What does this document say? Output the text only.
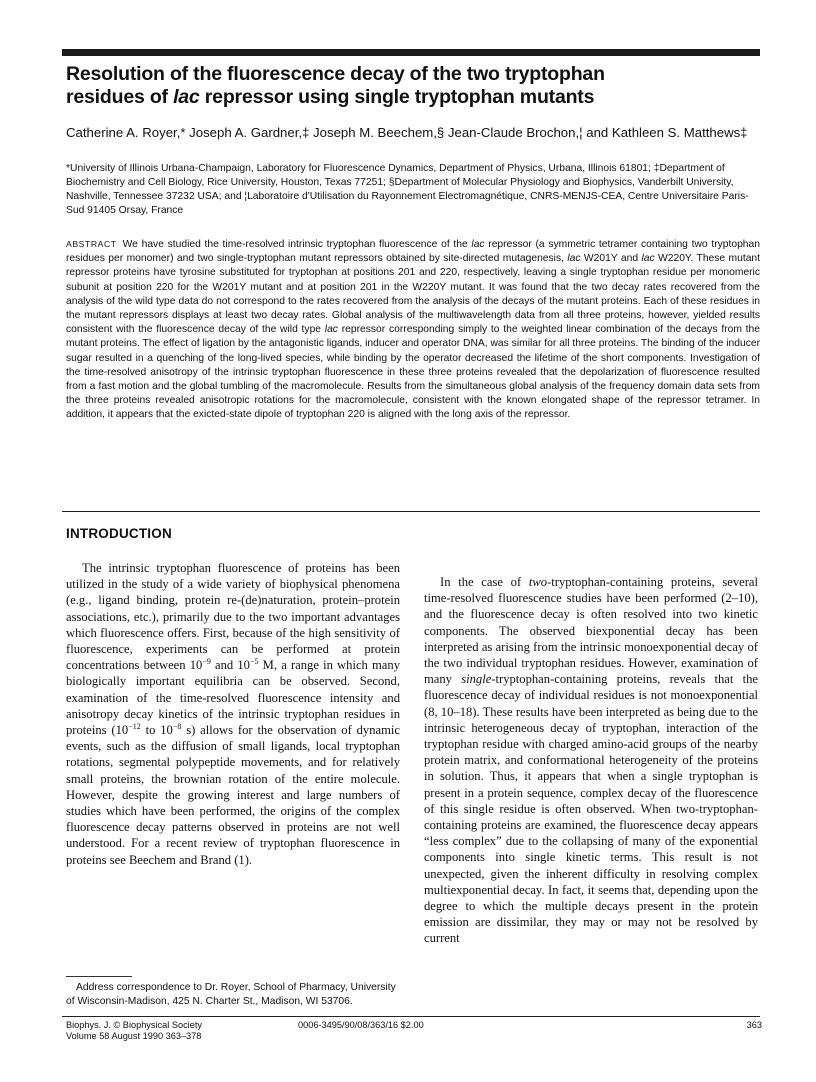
Resolution of the fluorescence decay of the two tryptophan
residues of lac repressor using single tryptophan mutants
Catherine A. Royer,* Joseph A. Gardner,‡ Joseph M. Beechem,§ Jean-Claude Brochon,¦ and Kathleen S. Matthews‡
*University of Illinois Urbana-Champaign, Laboratory for Fluorescence Dynamics, Department of Physics, Urbana, Illinois 61801; ‡Department of Biochemistry and Cell Biology, Rice University, Houston, Texas 77251; §Department of Molecular Physiology and Biophysics, Vanderbilt University, Nashville, Tennessee 37232 USA; and ¦Laboratoire d'Utilisation du Rayonnement Electromagnétique, CNRS-MENJS-CEA, Centre Universitaire Paris-Sud 91405 Orsay, France
ABSTRACT We have studied the time-resolved intrinsic tryptophan fluorescence of the lac repressor (a symmetric tetramer containing two tryptophan residues per monomer) and two single-tryptophan mutant repressors obtained by site-directed mutagenesis, lac W201Y and lac W220Y. These mutant repressor proteins have tyrosine substituted for tryptophan at positions 201 and 220, respectively, leaving a single tryptophan residue per monomeric subunit at position 220 for the W201Y mutant and at position 201 in the W220Y mutant. It was found that the two decay rates recovered from the analysis of the wild type data do not correspond to the rates recovered from the analysis of the decays of the mutant proteins. Each of these residues in the mutant repressors displays at least two decay rates. Global analysis of the multiwavelength data from all three proteins, however, yielded results consistent with the fluorescence decay of the wild type lac repressor corresponding simply to the weighted linear combination of the decays from the mutant proteins. The effect of ligation by the antagonistic ligands, inducer and operator DNA, was similar for all three proteins. The binding of the inducer sugar resulted in a quenching of the long-lived species, while binding by the operator decreased the lifetime of the short components. Investigation of the time-resolved anisotropy of the intrinsic tryptophan fluorescence in these three proteins revealed that the depolarization of fluorescence resulted from a fast motion and the global tumbling of the macromolecule. Results from the simultaneous global analysis of the frequency domain data sets from the three proteins revealed anisotropic rotations for the macromolecule, consistent with the known elongated shape of the repressor tetramer. In addition, it appears that the exicted-state dipole of tryptophan 220 is aligned with the long axis of the repressor.
INTRODUCTION

The intrinsic tryptophan fluorescence of proteins has been utilized in the study of a wide variety of biophysical phenomena (e.g., ligand binding, protein re-(de)naturation, protein–protein associations, etc.), primarily due to the two important advantages which fluorescence offers. First, because of the high sensitivity of fluorescence, experiments can be performed at protein concentrations between $10^{-9}$ and $10^{-5}$ M, a range in which many biologically important equilibria can be observed. Second, examination of the time-resolved fluorescence intensity and anisotropy decay kinetics of the intrinsic tryptophan residues in proteins ($10^{-12}$ to $10^{-8}$ s) allows for the observation of dynamic events, such as the diffusion of small ligands, local tryptophan rotations, segmental polypeptide movements, and for relatively small proteins, the brownian rotation of the entire molecule. However, despite the growing interest and large numbers of studies which have been performed, the origins of the complex fluorescence decay patterns observed in proteins are not well understood. For a recent review of tryptophan fluorescence in proteins see Beechem and Brand (1).

In the case of two-tryptophan-containing proteins, several time-resolved fluorescence studies have been performed (2–10), and the fluorescence decay is often resolved into two kinetic components. The observed biexponential decay has been interpreted as arising from the intrinsic monoexponential decay of the two individual tryptophan residues. However, examination of many single-tryptophan-containing proteins, reveals that the fluorescence decay of individual residues is not monoexponential (8, 10–18). These results have been interpreted as being due to the intrinsic heterogeneous decay of tryptophan, interaction of the tryptophan residue with charged amino-acid groups of the nearby protein matrix, and conformational heterogeneity of the proteins in solution. Thus, it appears that when a single tryptophan is present in a protein sequence, complex decay of the fluorescence of this single residue is often observed. When two-tryptophan-containing proteins are examined, the fluorescence decay appears “less complex” due to the collapsing of many of the exponential components into single kinetic terms. This result is not unexpected, given the inherent difficulty in resolving complex multiexponential decay. In fact, it seems that, depending upon the degree to which the multiple decays present in the protein emission are dissimilar, they may or may not be resolved by current

Address correspondence to Dr. Royer, School of Pharmacy, University of Wisconsin-Madison, 425 N. Charter St., Madison, WI 53706.
Biophys. J. © Biophysical Society
Volume 58 August 1990 363–378
0006-3495/90/08/363/16 $2.00	363
